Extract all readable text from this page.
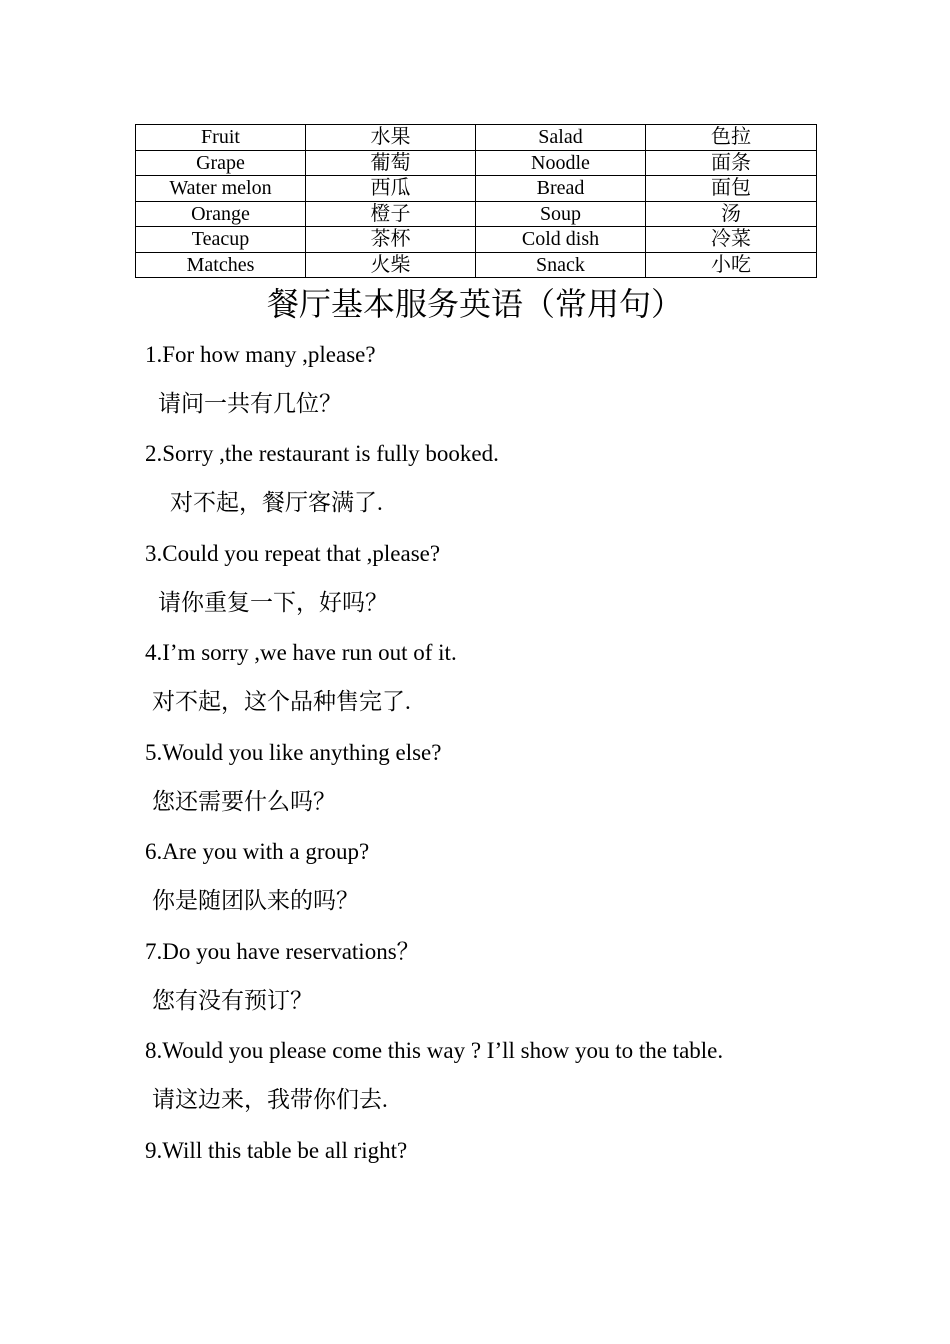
Fruit	水果	Salad	色拉
Grape	葡萄	Noodle	面条
Water melon	西瓜	Bread	面包
Orange	橙子	Soup	汤
Teacup	茶杯	Cold dish	冷菜
Matches	火柴	Snack	小吃
餐厅基本服务英语（常用句）

1.For how many ,please?

请问一共有几位？

2.Sorry ,the restaurant is fully booked.

对不起，餐厅客满了.

3.Could you repeat that ,please?

请你重复一下，好吗？

4.I’m sorry ,we have run out of it.

对不起，这个品种售完了.

5.Would you like anything else?

您还需要什么吗？

6.Are you with a group?

你是随团队来的吗？

7.Do you have reservations？

您有没有预订？

8.Would you please come this way ? I’ll show you to the table.

请这边来，我带你们去.

9.Will this table be all right?
